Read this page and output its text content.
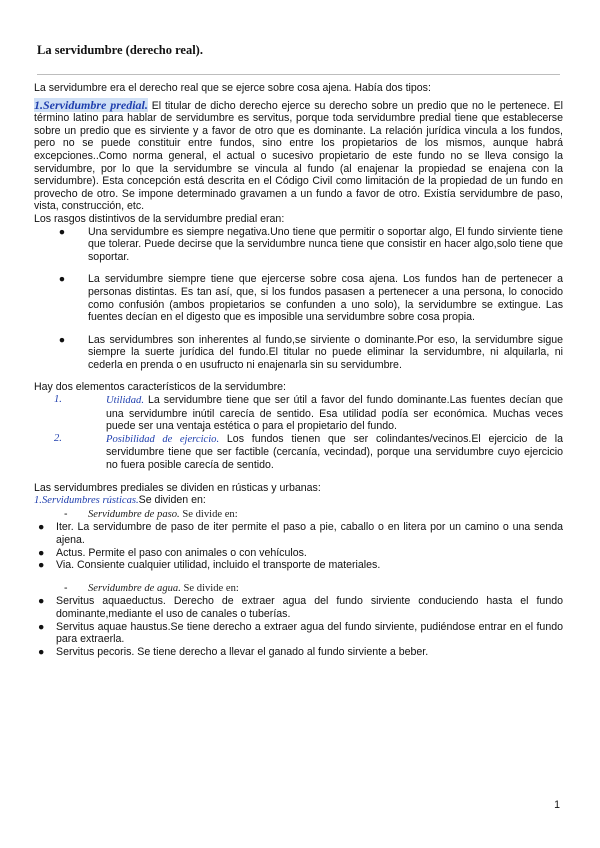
La servidumbre (derecho real).

La servidumbre era el derecho real que se ejerce sobre cosa ajena. Había dos tipos:

1.Servidumbre predial. El titular de dicho derecho ejerce su derecho sobre un predio que no le pertenece. El término latino para hablar de servidumbre es servitus, porque toda servidumbre predial tiene que establecerse sobre un predio que es sirviente y a favor de otro que es dominante. La relación jurídica vincula a los fundos, pero no se puede constituir entre fundos, sino entre los propietarios de los mismos, aunque habrá excepciones..Como norma general, el actual o sucesivo propietario de este fundo no se lleva consigo la servidumbre, por lo que la servidumbre se vincula al fundo (al enajenar la propiedad se enajena con la servidumbre). Esta concepción está descrita en el Código Civil como limitación de la propiedad de un fundo en provecho de otro. Se impone determinado gravamen a un fundo a favor de otro. Existía servidumbre de paso, vista, construcción, etc.

Los rasgos distintivos de la servidumbre predial eran:

●	Una servidumbre es siempre negativa.Uno tiene que permitir o soportar algo, El fundo sirviente tiene que tolerar. Puede decirse que la servidumbre nunca tiene que consistir en hacer algo,solo tiene que soportar.
●	La servidumbre siempre tiene que ejercerse sobre cosa ajena. Los fundos han de pertenecer a personas distintas. Es tan así, que, si los fundos pasasen a pertenecer a una persona, lo conocido como confusión (ambos propietarios se confunden a uno solo), la servidumbre se extingue. Las fuentes decían en el digesto que es imposible una servidumbre sobre cosa propia.
●	Las servidumbres son inherentes al fundo,se sirviente o dominante.Por eso, la servidumbre sigue siempre la suerte jurídica del fundo.El titular no puede eliminar la servidumbre, ni alquilarla, ni cederla en prenda o en usufructo ni enajenarla sin su servidumbre.

Hay dos elementos característicos de la servidumbre:

1.	Utilidad. La servidumbre tiene que ser útil a favor del fundo dominante.Las fuentes decían que una servidumbre inútil carecía de sentido. Esa utilidad podía ser económica. Muchas veces puede ser una ventaja estética o para el propietario del fundo.
2.	Posibilidad de ejercicio. Los fundos tienen que ser colindantes/vecinos.El ejercicio de la servidumbre tiene que ser factible (cercanía, vecindad), porque una servidumbre cuyo ejercicio no fuera posible carecía de sentido.

Las servidumbres prediales se dividen en rústicas y urbanas:

1.Servidumbres rústicas.Se dividen en:

-	Servidumbre de paso. Se divide en:
●	Iter. La servidumbre de paso de iter permite el paso a pie, caballo o en litera por un camino o una senda ajena.
●	Actus. Permite el paso con animales o con vehículos.
●	Via. Consiente cualquier utilidad, incluido el transporte de materiales.
-	Servidumbre de agua. Se divide en:
●	Servitus aquaeductus. Derecho de extraer agua del fundo sirviente conduciendo hasta el fundo dominante,mediante el uso de canales o tuberías.
●	Servitus aquae haustus.Se tiene derecho a extraer agua del fundo sirviente, pudiéndose entrar en el fundo para extraerla.
●	Servitus pecoris. Se tiene derecho a llevar el ganado al fundo sirviente a beber.
1
